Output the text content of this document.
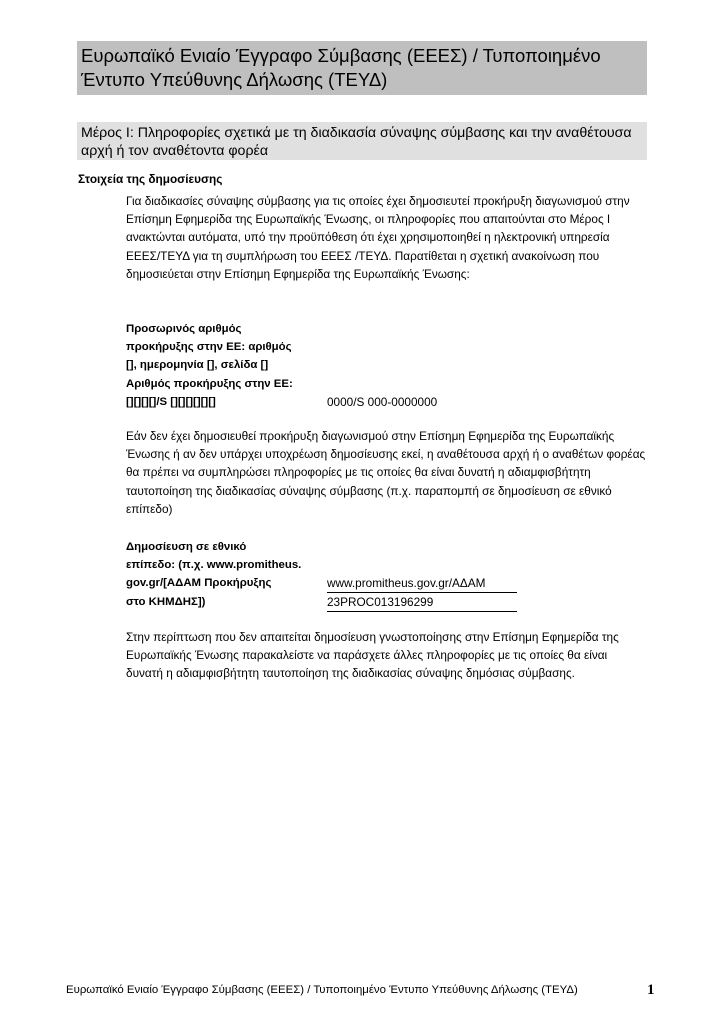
Ευρωπαϊκό Ενιαίο Έγγραφο Σύμβασης (ΕΕΕΣ) / Τυποποιημένο Έντυπο Υπεύθυνης Δήλωσης (ΤΕΥΔ)
Μέρος Ι: Πληροφορίες σχετικά με τη διαδικασία σύναψης σύμβασης και την αναθέτουσα αρχή ή τον αναθέτοντα φορέα
Στοιχεία της δημοσίευσης

Για διαδικασίες σύναψης σύμβασης για τις οποίες έχει δημοσιευτεί προκήρυξη διαγωνισμού στην Επίσημη Εφημερίδα της Ευρωπαϊκής Ένωσης, οι πληροφορίες που απαιτούνται στο Μέρος Ι ανακτώνται αυτόματα, υπό την προϋπόθεση ότι έχει χρησιμοποιηθεί η ηλεκτρονική υπηρεσία ΕΕΕΣ/ΤΕΥΔ για τη συμπλήρωση του ΕΕΕΣ /ΤΕΥΔ. Παρατίθεται η σχετική ανακοίνωση που δημοσιεύεται στην Επίσημη Εφημερίδα της Ευρωπαϊκής Ένωσης:

Προσωρινός αριθμός
προκήρυξης στην ΕΕ: αριθμός
[], ημερομηνία [], σελίδα []
Αριθμός προκήρυξης στην ΕΕ:
[][][][]/S [][][][][][]	0000/S 000-0000000

Εάν δεν έχει δημοσιευθεί προκήρυξη διαγωνισμού στην Επίσημη Εφημερίδα της Ευρωπαϊκής Ένωσης ή αν δεν υπάρχει υποχρέωση δημοσίευσης εκεί, η αναθέτουσα αρχή ή ο αναθέτων φορέας θα πρέπει να συμπληρώσει πληροφορίες με τις οποίες θα είναι δυνατή η αδιαμφισβήτητη ταυτοποίηση της διαδικασίας σύναψης σύμβασης (π.χ. παραπομπή σε δημοσίευση σε εθνικό επίπεδο)

Δημοσίευση σε εθνικό
επίπεδο: (π.χ. www.promitheus.
gov.gr/[ΑΔΑΜ Προκήρυξης
στο ΚΗΜΔΗΣ])
www.promitheus.gov.gr/ΑΔΑΜ
23PROC013196299

Στην περίπτωση που δεν απαιτείται δημοσίευση γνωστοποίησης στην Επίσημη Εφημερίδα της Ευρωπαϊκής Ένωσης παρακαλείστε να παράσχετε άλλες πληροφορίες με τις οποίες θα είναι δυνατή η αδιαμφισβήτητη ταυτοποίηση της διαδικασίας σύναψης δημόσιας σύμβασης.

Ευρωπαϊκό Ενιαίο Έγγραφο Σύμβασης (ΕΕΕΣ) / Τυποποιημένο Έντυπο Υπεύθυνης Δήλωσης (ΤΕΥΔ)	1
